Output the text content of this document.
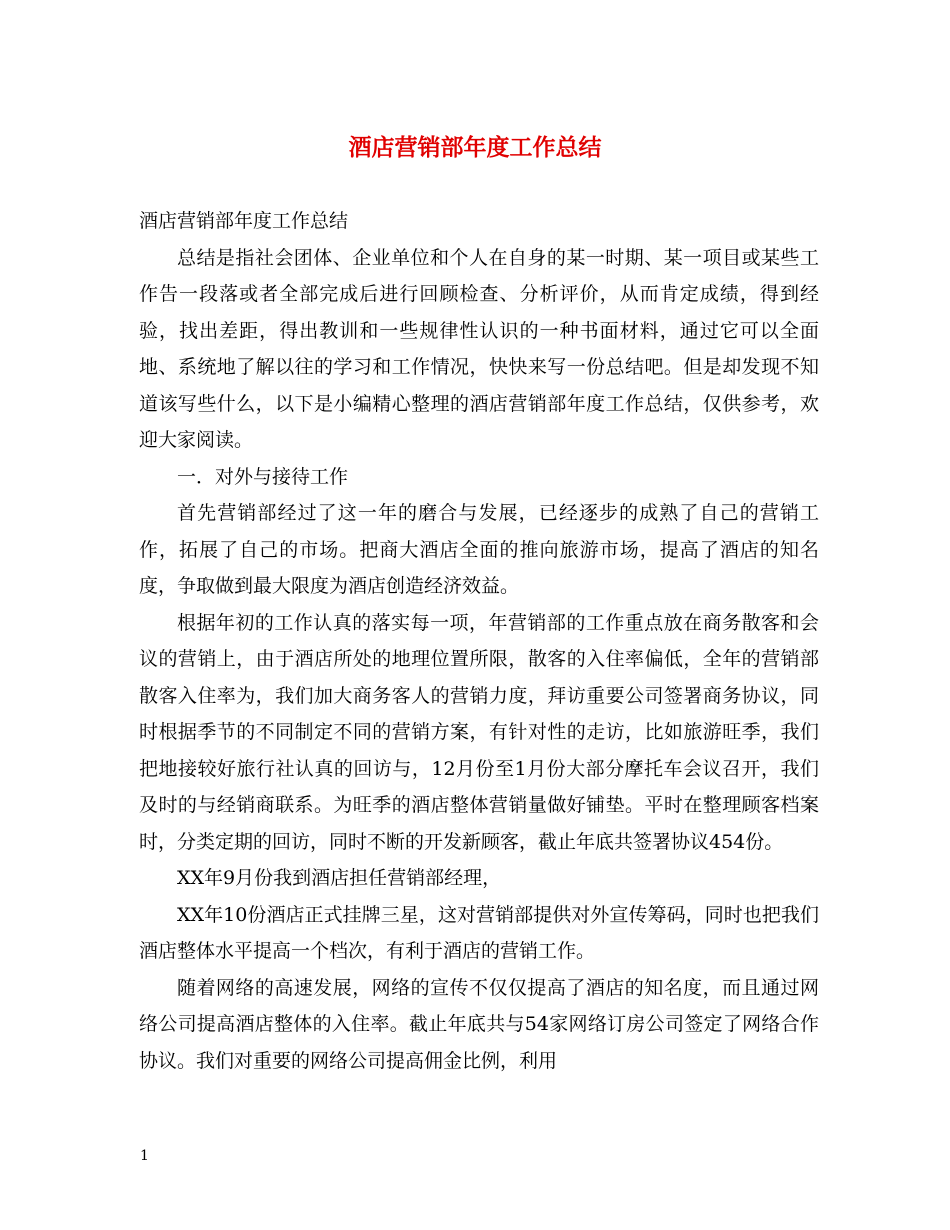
酒店营销部年度工作总结

酒店营销部年度工作总结

总结是指社会团体、企业单位和个人在自身的某一时期、某一项目或某些工作告一段落或者全部完成后进行回顾检查、分析评价，从而肯定成绩，得到经验，找出差距，得出教训和一些规律性认识的一种书面材料，通过它可以全面地、系统地了解以往的学习和工作情况，快快来写一份总结吧。但是却发现不知道该写些什么，以下是小编精心整理的酒店营销部年度工作总结，仅供参考，欢迎大家阅读。

一．对外与接待工作

首先营销部经过了这一年的磨合与发展，已经逐步的成熟了自己的营销工作，拓展了自己的市场。把商大酒店全面的推向旅游市场，提高了酒店的知名度，争取做到最大限度为酒店创造经济效益。

根据年初的工作认真的落实每一项，年营销部的工作重点放在商务散客和会议的营销上，由于酒店所处的地理位置所限，散客的入住率偏低，全年的营销部散客入住率为，我们加大商务客人的营销力度，拜访重要公司签署商务协议，同时根据季节的不同制定不同的营销方案，有针对性的走访，比如旅游旺季，我们把地接较好旅行社认真的回访与，12月份至1月份大部分摩托车会议召开，我们及时的与经销商联系。为旺季的酒店整体营销量做好铺垫。平时在整理顾客档案时，分类定期的回访，同时不断的开发新顾客，截止年底共签署协议454份。

XX年9月份我到酒店担任营销部经理，

XX年10份酒店正式挂牌三星，这对营销部提供对外宣传筹码，同时也把我们酒店整体水平提高一个档次，有利于酒店的营销工作。

随着网络的高速发展，网络的宣传不仅仅提高了酒店的知名度，而且通过网络公司提高酒店整体的入住率。截止年底共与54家网络订房公司签定了网络合作协议。我们对重要的网络公司提高佣金比例，利用

1
